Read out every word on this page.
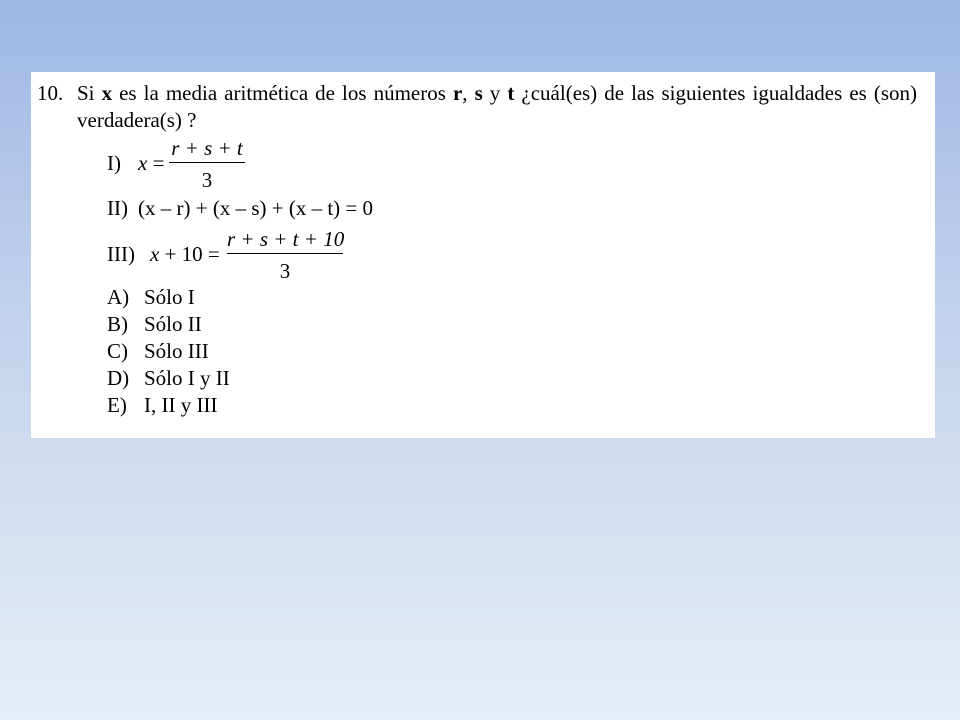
10. Si x es la media aritmética de los números r, s y t ¿cuál(es) de las siguientes igualdades es (son) verdadera(s) ?
I) x =
r + s + t
3
II) (x – r) + (x – s) + (x – t) = 0
III) x + 10 =
r + s + t + 10
3
A) Sólo I
B) Sólo II
C) Sólo III
D) Sólo I y II
E) I, II y III
